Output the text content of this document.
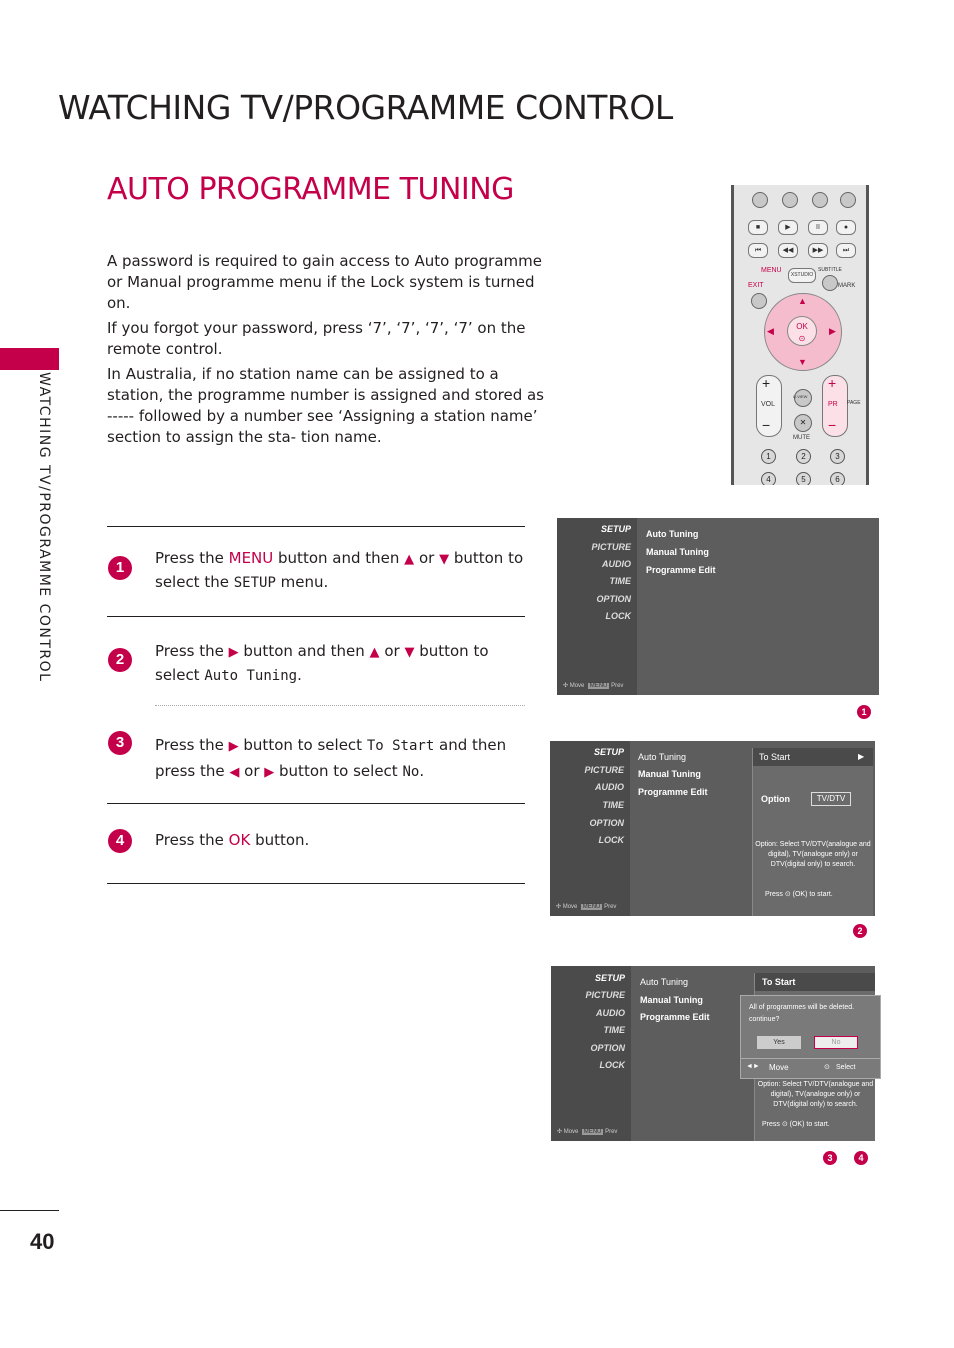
WATCHING TV/PROGRAMME CONTROL
AUTO PROGRAMME TUNING
WATCHING TV/PROGRAMME CONTROL
40

A password is required to gain access to Auto programme or Manual programme menu if the Lock system is turned on.

If you forgot your password, press ‘7’, ‘7’, ‘7’, ‘7’ on the remote control.

In Australia, if no station name can be assigned to a station, the programme number is assigned and stored as ----- followed by a number see ‘Assigning a station name’ section to assign the sta- tion name.

■	▶	II	●
⏮	◀◀	▶▶	⏭
MENU
XSTUDIO
SUBTITLE
EXIT	MARK
▲
▼
◀	▶
OK
⊙
VOL
+
−
PR
+
−
PAGE
Q.VIEW
✕
MUTE
1	2	3
4	5	6
1
Press the MENU button and then ▲ or ▼ button to select the SETUP menu.
2	Press the ▶ button and then ▲ or ▼ button to select Auto Tuning.
3	Press the ▶ button to select To Start and then press the ◀ or ▶ button to select No.
4	Press the OK button.
SETUP
PICTURE
AUDIO
TIME
OPTION
LOCK
✣ Move MENU Prev
Auto Tuning
Manual Tuning
Programme Edit
1
SETUP
PICTURE
AUDIO
TIME
OPTION
LOCK
✣ Move MENU Prev
Auto Tuning
Manual Tuning
Programme Edit
To Start	▶
Option	TV/DTV
Option: Select TV/DTV(analogue and digital), TV(analogue only) or DTV(digital only) to search.
Press ⊙ (OK) to start.
2
SETUP
PICTURE
AUDIO
TIME
OPTION
LOCK
✣ Move MENU Prev
Auto Tuning
Manual Tuning
Programme Edit
To Start
Option: Select TV/DTV(analogue and digital), TV(analogue only) or DTV(digital only) to search.
Press ⊙ (OK) to start.
All of programmes will be deleted. continue?
Yes	No
◄► Move	⊙ Select
3	4
